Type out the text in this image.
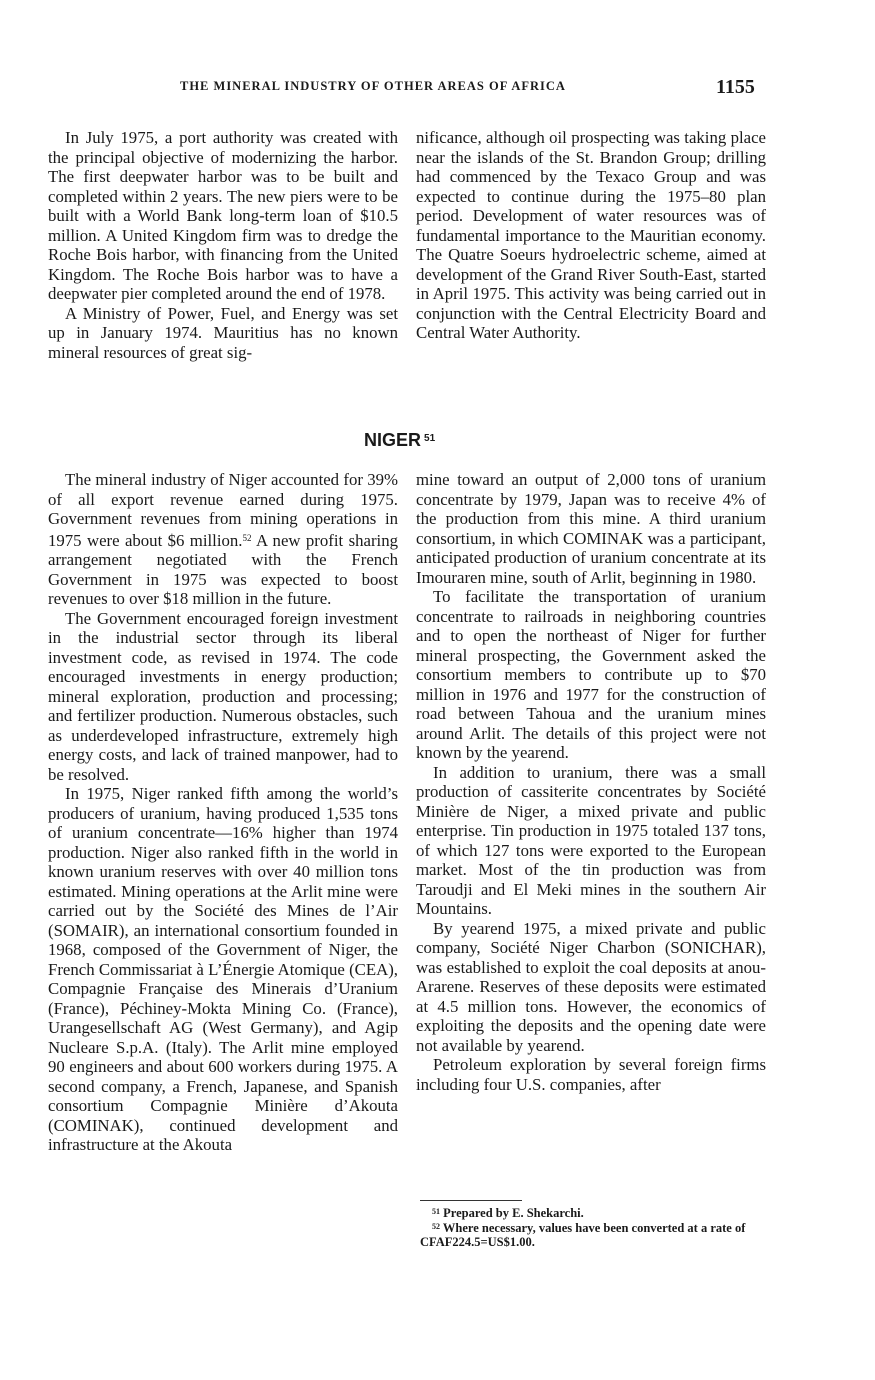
THE MINERAL INDUSTRY OF OTHER AREAS OF AFRICA	1155

In July 1975, a port authority was created with the principal objective of modernizing the harbor. The first deepwater harbor was to be built and completed within 2 years. The new piers were to be built with a World Bank long-term loan of $10.5 million. A United Kingdom firm was to dredge the Roche Bois harbor, with financing from the United Kingdom. The Roche Bois harbor was to have a deepwater pier completed around the end of 1978.

A Ministry of Power, Fuel, and Energy was set up in January 1974. Mauritius has no known mineral resources of great sig-

nificance, although oil prospecting was taking place near the islands of the St. Brandon Group; drilling had commenced by the Texaco Group and was expected to continue during the 1975–80 plan period. Development of water resources was of fundamental importance to the Mauritian economy. The Quatre Soeurs hydroelectric scheme, aimed at development of the Grand River South-East, started in April 1975. This activity was being carried out in conjunction with the Central Electricity Board and Central Water Authority.

NIGER $^{51}$

The mineral industry of Niger accounted for 39% of all export revenue earned during 1975. Government revenues from mining operations in 1975 were about $6 million.$^{52}$ A new profit sharing arrangement negotiated with the French Government in 1975 was expected to boost revenues to over $18 million in the future.

The Government encouraged foreign investment in the industrial sector through its liberal investment code, as revised in 1974. The code encouraged investments in energy production; mineral exploration, production and processing; and fertilizer production. Numerous obstacles, such as underdeveloped infrastructure, extremely high energy costs, and lack of trained manpower, had to be resolved.

In 1975, Niger ranked fifth among the world’s producers of uranium, having produced 1,535 tons of uranium concentrate—16% higher than 1974 production. Niger also ranked fifth in the world in known uranium reserves with over 40 million tons estimated. Mining operations at the Arlit mine were carried out by the Société des Mines de l’Air (SOMAIR), an international consortium founded in 1968, composed of the Government of Niger, the French Commissariat à L’Énergie Atomique (CEA), Compagnie Française des Minerais d’Uranium (France), Péchiney-Mokta Mining Co. (France), Urangesellschaft AG (West Germany), and Agip Nucleare S.p.A. (Italy). The Arlit mine employed 90 engineers and about 600 workers during 1975. A second company, a French, Japanese, and Spanish consortium Compagnie Minière d’Akouta (COMINAK), continued development and infrastructure at the Akouta

mine toward an output of 2,000 tons of uranium concentrate by 1979, Japan was to receive 4% of the production from this mine. A third uranium consortium, in which COMINAK was a participant, anticipated production of uranium concentrate at its Imouraren mine, south of Arlit, beginning in 1980.

To facilitate the transportation of uranium concentrate to railroads in neighboring countries and to open the northeast of Niger for further mineral prospecting, the Government asked the consortium members to contribute up to $70 million in 1976 and 1977 for the construction of road between Tahoua and the uranium mines around Arlit. The details of this project were not known by the yearend.

In addition to uranium, there was a small production of cassiterite concentrates by Société Minière de Niger, a mixed private and public enterprise. Tin production in 1975 totaled 137 tons, of which 127 tons were exported to the European market. Most of the tin production was from Taroudji and El Meki mines in the southern Air Mountains.

By yearend 1975, a mixed private and public company, Société Niger Charbon (SONICHAR), was established to exploit the coal deposits at anou-Ararene. Reserves of these deposits were estimated at 4.5 million tons. However, the economics of exploiting the deposits and the opening date were not available by yearend.

Petroleum exploration by several foreign firms including four U.S. companies, after

$^{51}$ Prepared by E. Shekarchi.

$^{52}$ Where necessary, values have been converted at a rate of CFAF224.5=US$1.00.
